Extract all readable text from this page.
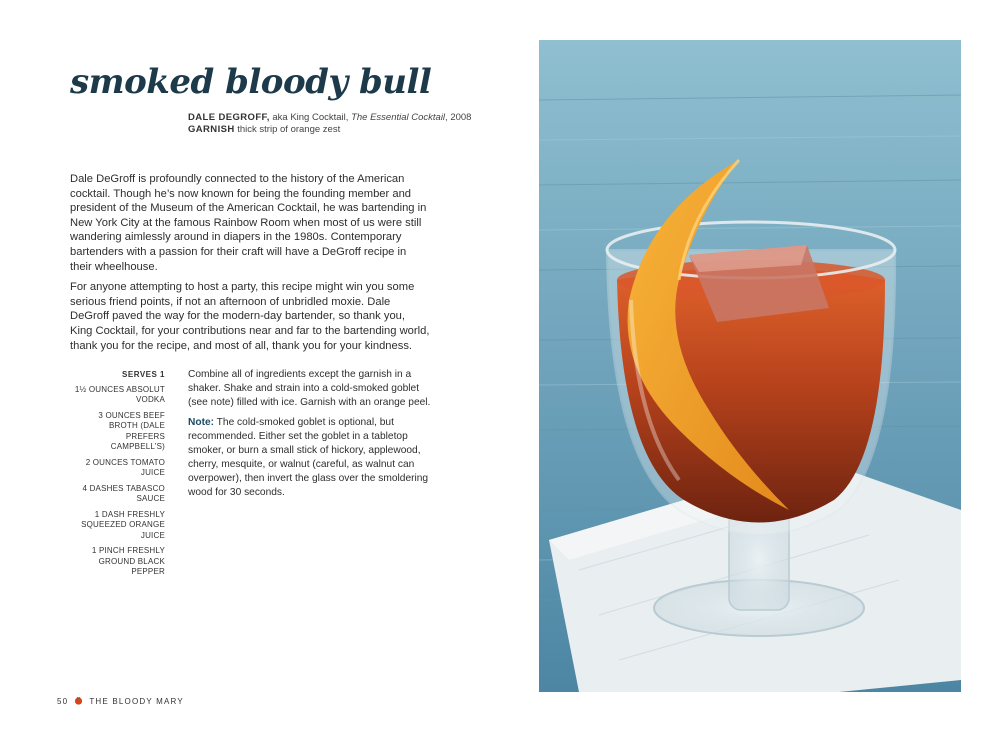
smoked bloody bull
DALE DEGROFF, aka King Cocktail, The Essential Cocktail, 2008
GARNISH thick strip of orange zest

Dale DeGroff is profoundly connected to the history of the American cocktail. Though he’s now known for being the founding member and president of the Museum of the American Cocktail, he was bartending in New York City at the famous Rainbow Room when most of us were still wandering aimlessly around in diapers in the 1980s. Contemporary bartenders with a passion for their craft will have a DeGroff recipe in their wheelhouse.

For anyone attempting to host a party, this recipe might win you some serious friend points, if not an afternoon of unbridled moxie. Dale DeGroff paved the way for the modern-day bartender, so thank you, King Cocktail, for your contributions near and far to the bartending world, thank you for the recipe, and most of all, thank you for your kindness.

SERVES 1
1½ OUNCES ABSOLUT VODKA
3 OUNCES BEEF BROTH (DALE PREFERS CAMPBELL’S)
2 OUNCES TOMATO JUICE
4 DASHES TABASCO SAUCE
1 DASH FRESHLY SQUEEZED ORANGE JUICE
1 PINCH FRESHLY GROUND BLACK PEPPER

Combine all of ingredients except the garnish in a shaker. Shake and strain into a cold-smoked goblet (see note) filled with ice. Garnish with an orange peel.

Note: The cold-smoked goblet is optional, but recommended. Either set the goblet in a tabletop smoker, or burn a small stick of hickory, applewood, cherry, mesquite, or walnut (careful, as walnut can overpower), then invert the glass over the smoldering wood for 30 seconds.

50	THE BLOODY MARY
